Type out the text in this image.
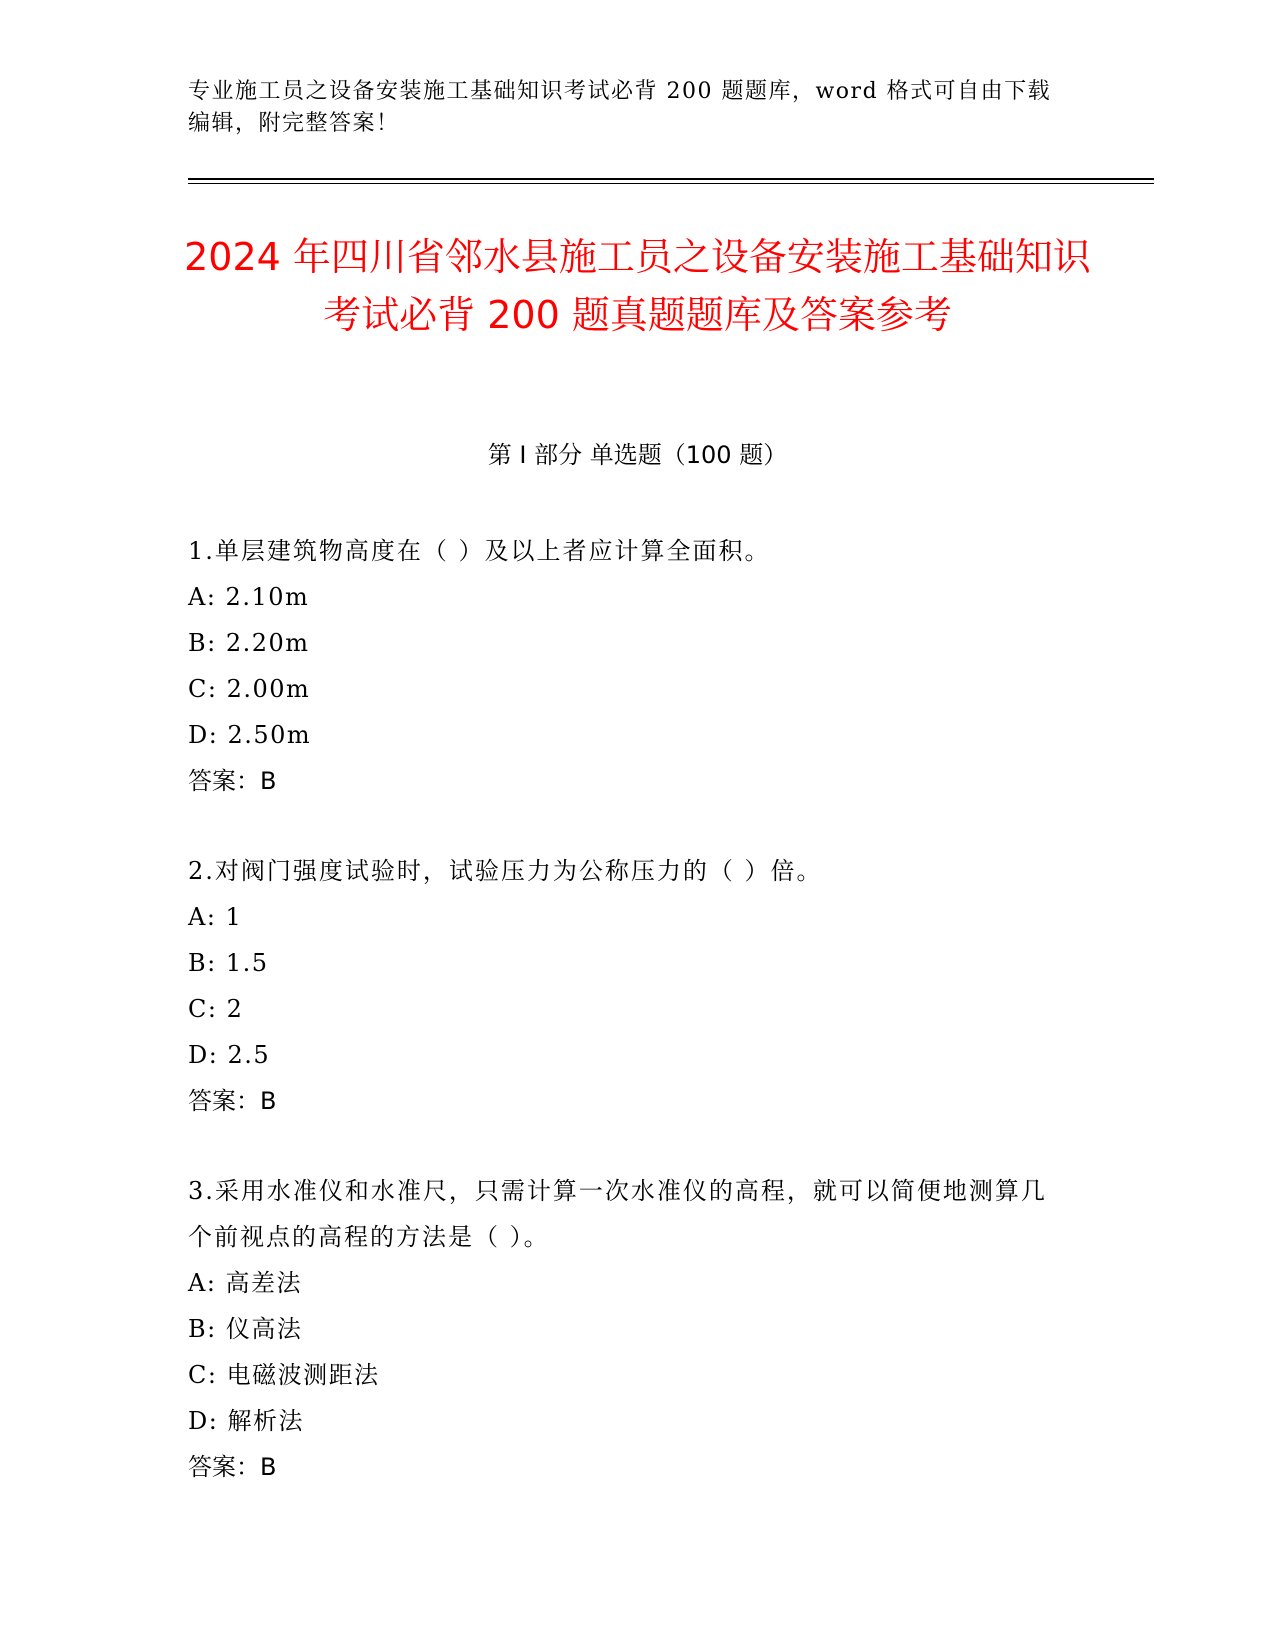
专业施工员之设备安装施工基础知识考试必背 200 题题库，word 格式可自由下载编辑，附完整答案！
2024 年四川省邻水县施工员之设备安装施工基础知识考试必背 200 题真题题库及答案参考
第 I 部分 单选题（100 题）
1.单层建筑物高度在（ ）及以上者应计算全面积。
A: 2.10m
B: 2.20m
C: 2.00m
D: 2.50m
答案：B
2.对阀门强度试验时，试验压力为公称压力的（ ）倍。
A: 1
B: 1.5
C: 2
D: 2.5
答案：B
3.采用水准仪和水准尺，只需计算一次水准仪的高程，就可以简便地测算几个前视点的高程的方法是（ ）。
A: 高差法
B: 仪高法
C: 电磁波测距法
D: 解析法
答案：B
